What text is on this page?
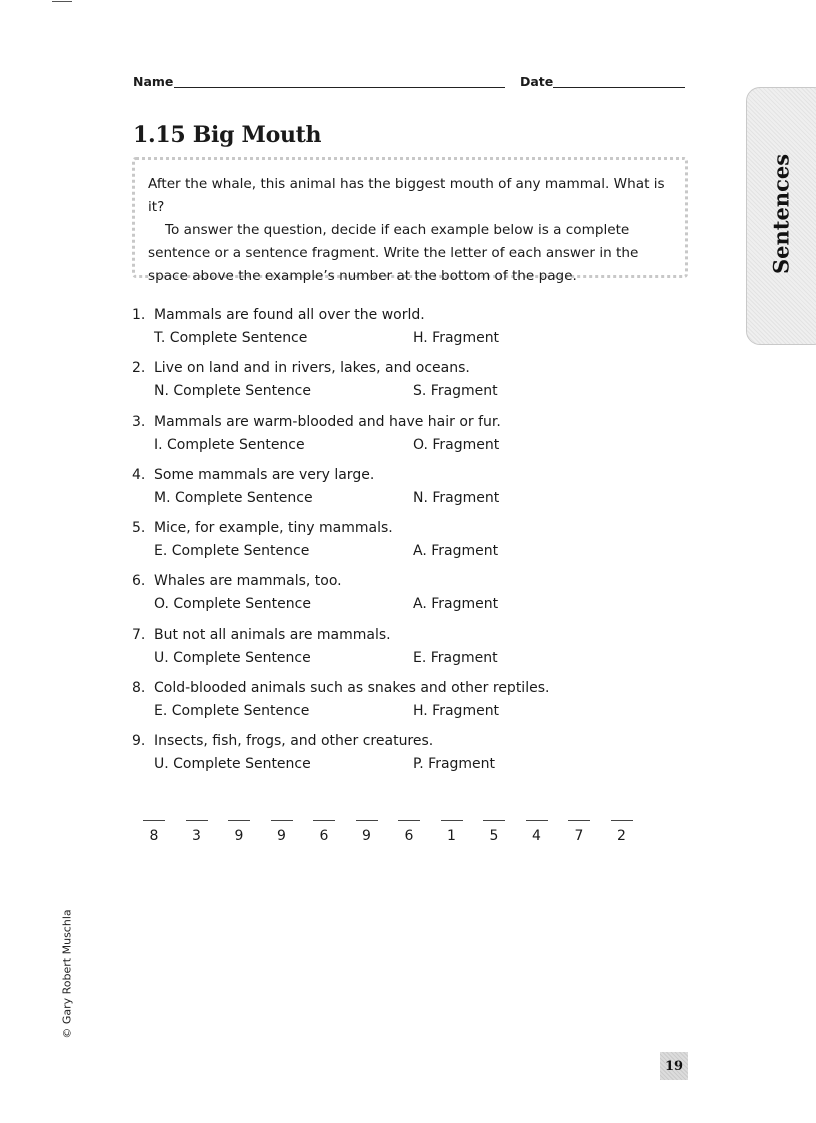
Name	Date
1.15 Big Mouth

After the whale, this animal has the biggest mouth of any mammal. What is it?

To answer the question, decide if each example below is a complete sentence or a sentence fragment. Write the letter of each answer in the space above the example’s number at the bottom of the page.

Sentences
1. Mammals are found all over the world.
T. Complete Sentence	H. Fragment
2. Live on land and in rivers, lakes, and oceans.
N. Complete Sentence	S. Fragment
3. Mammals are warm-blooded and have hair or fur.
I. Complete Sentence	O. Fragment
4. Some mammals are very large.
M. Complete Sentence	N. Fragment
5. Mice, for example, tiny mammals.
E. Complete Sentence	A. Fragment
6. Whales are mammals, too.
O. Complete Sentence	A. Fragment
7. But not all animals are mammals.
U. Complete Sentence	E. Fragment
8. Cold-blooded animals such as snakes and other reptiles.
E. Complete Sentence	H. Fragment
9. Insects, fish, frogs, and other creatures.
U. Complete Sentence	P. Fragment
8	3	9	9	6	9	6	1	5	4	7	2
© Gary Robert Muschla
19
